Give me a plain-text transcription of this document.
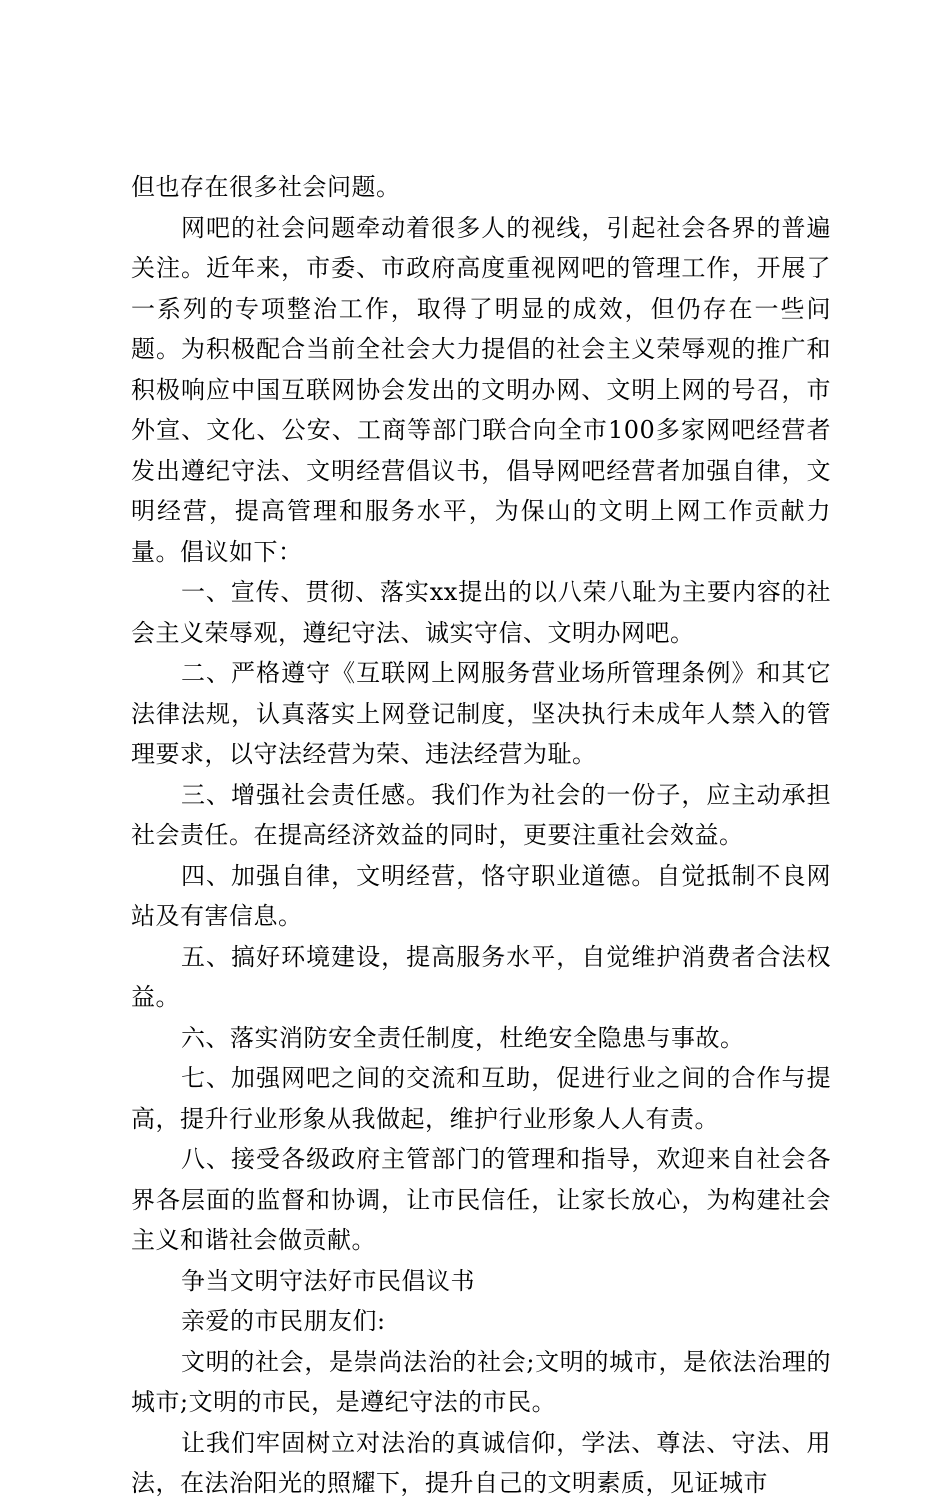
但也存在很多社会问题。

网吧的社会问题牵动着很多人的视线，引起社会各界的普遍关注。近年来，市委、市政府高度重视网吧的管理工作，开展了一系列的专项整治工作，取得了明显的成效，但仍存在一些问题。为积极配合当前全社会大力提倡的社会主义荣辱观的推广和积极响应中国互联网协会发出的文明办网、文明上网的号召，市外宣、文化、公安、工商等部门联合向全市100多家网吧经营者发出遵纪守法、文明经营倡议书，倡导网吧经营者加强自律，文明经营，提高管理和服务水平，为保山的文明上网工作贡献力量。倡议如下：

一、宣传、贯彻、落实xx提出的以八荣八耻为主要内容的社会主义荣辱观，遵纪守法、诚实守信、文明办网吧。

二、严格遵守《互联网上网服务营业场所管理条例》和其它法律法规，认真落实上网登记制度，坚决执行未成年人禁入的管理要求，以守法经营为荣、违法经营为耻。

三、增强社会责任感。我们作为社会的一份子，应主动承担社会责任。在提高经济效益的同时，更要注重社会效益。

四、加强自律，文明经营，恪守职业道德。自觉抵制不良网站及有害信息。

五、搞好环境建设，提高服务水平，自觉维护消费者合法权益。

六、落实消防安全责任制度，杜绝安全隐患与事故。

七、加强网吧之间的交流和互助，促进行业之间的合作与提高，提升行业形象从我做起，维护行业形象人人有责。

八、接受各级政府主管部门的管理和指导，欢迎来自社会各界各层面的监督和协调，让市民信任，让家长放心，为构建社会主义和谐社会做贡献。

争当文明守法好市民倡议书

亲爱的市民朋友们:

文明的社会，是崇尚法治的社会;文明的城市，是依法治理的城市;文明的市民，是遵纪守法的市民。

让我们牢固树立对法治的真诚信仰，学法、尊法、守法、用法，在法治阳光的照耀下，提升自己的文明素质，见证城市
